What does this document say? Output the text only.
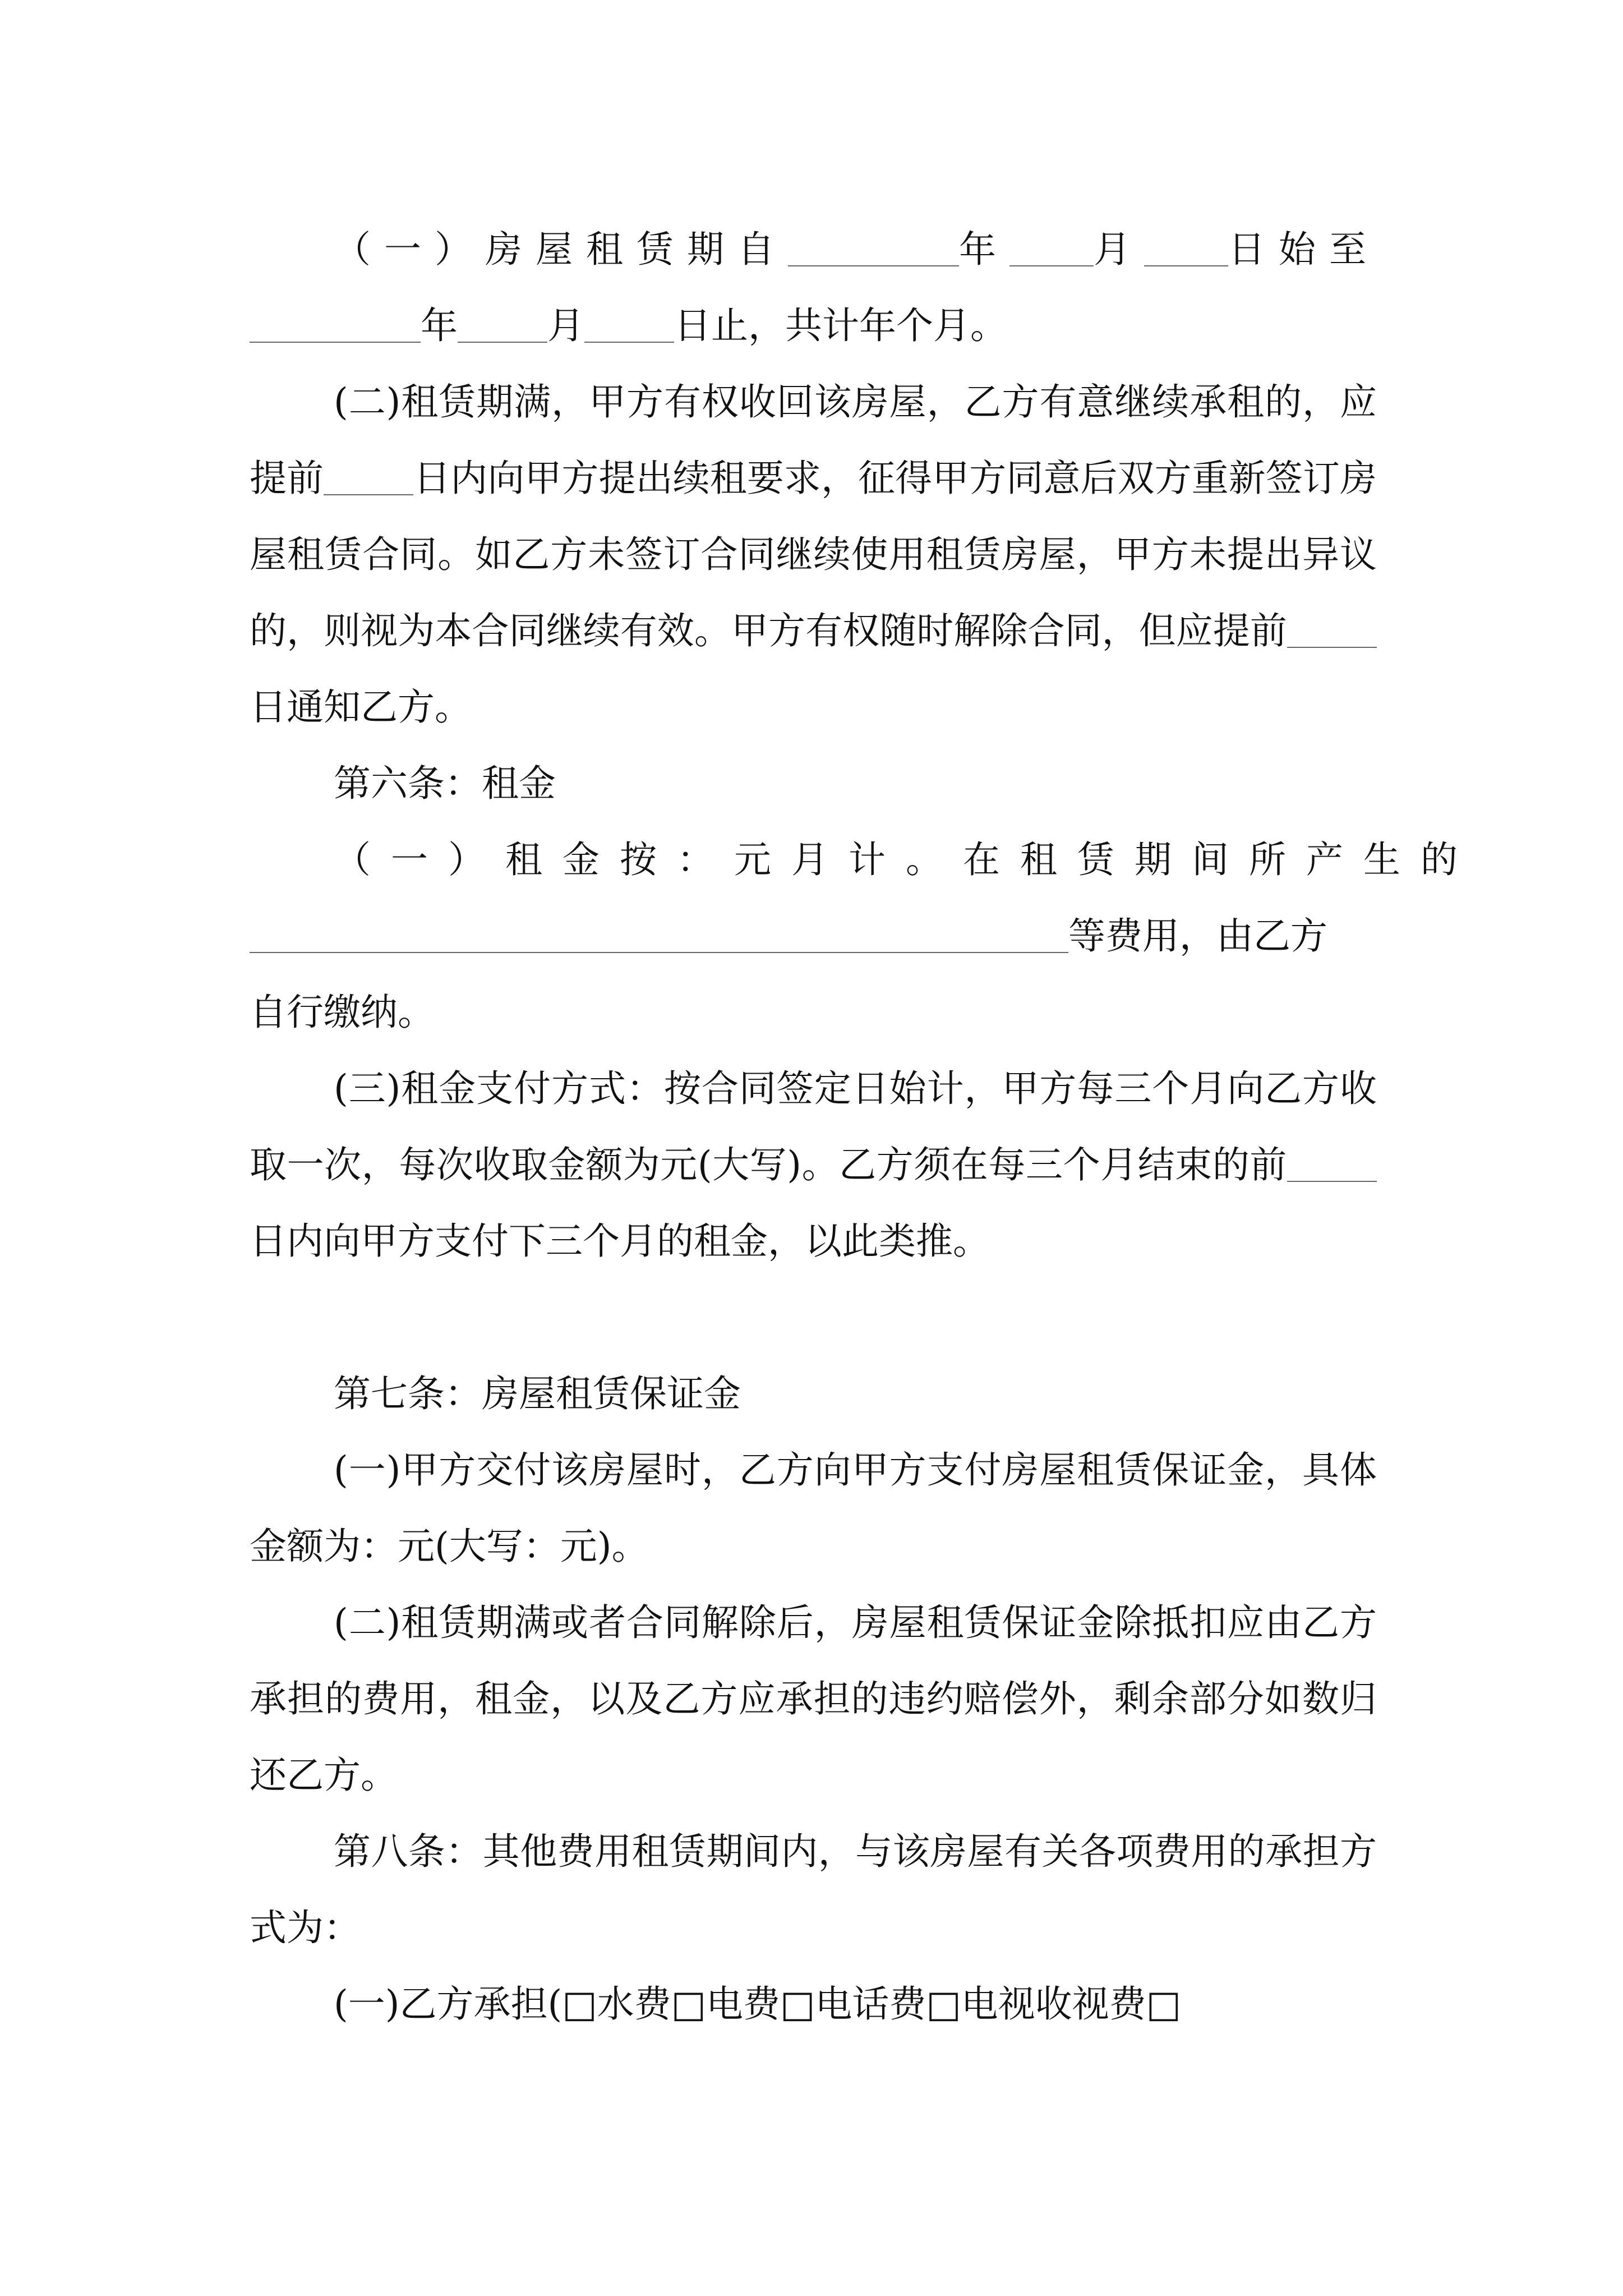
（一）房屋租赁期自	年 月 日始至
年 月 日止，共计年个月。

(二)租赁期满，甲方有权收回该房屋，乙方有意继续承租的，应提前 日内向甲方提出续租要求，征得甲方同意后双方重新签订房屋租赁合同。如乙方未签订合同继续使用租赁房屋，甲方未提出异议的，则视为本合同继续有效。甲方有权随时解除合同，但应提前日通知乙方。

第六条：租金
（一）租金按：元月计。在租赁期间所产生的
等费用，由乙方
自行缴纳。

(三)租金支付方式：按合同签定日始计，甲方每三个月向乙方收取一次，每次收取金额为元(大写)。乙方须在每三个月结束的前日内向甲方支付下三个月的租金，以此类推。

第七条：房屋租赁保证金

(一)甲方交付该房屋时，乙方向甲方支付房屋租赁保证金，具体金额为：元(大写：元)。

(二)租赁期满或者合同解除后，房屋租赁保证金除抵扣应由乙方承担的费用，租金，以及乙方应承担的违约赔偿外，剩余部分如数归还乙方。

第八条：其他费用租赁期间内，与该房屋有关各项费用的承担方式为：

(一)乙方承担(□水费□电费□电话费□电视收视费□
